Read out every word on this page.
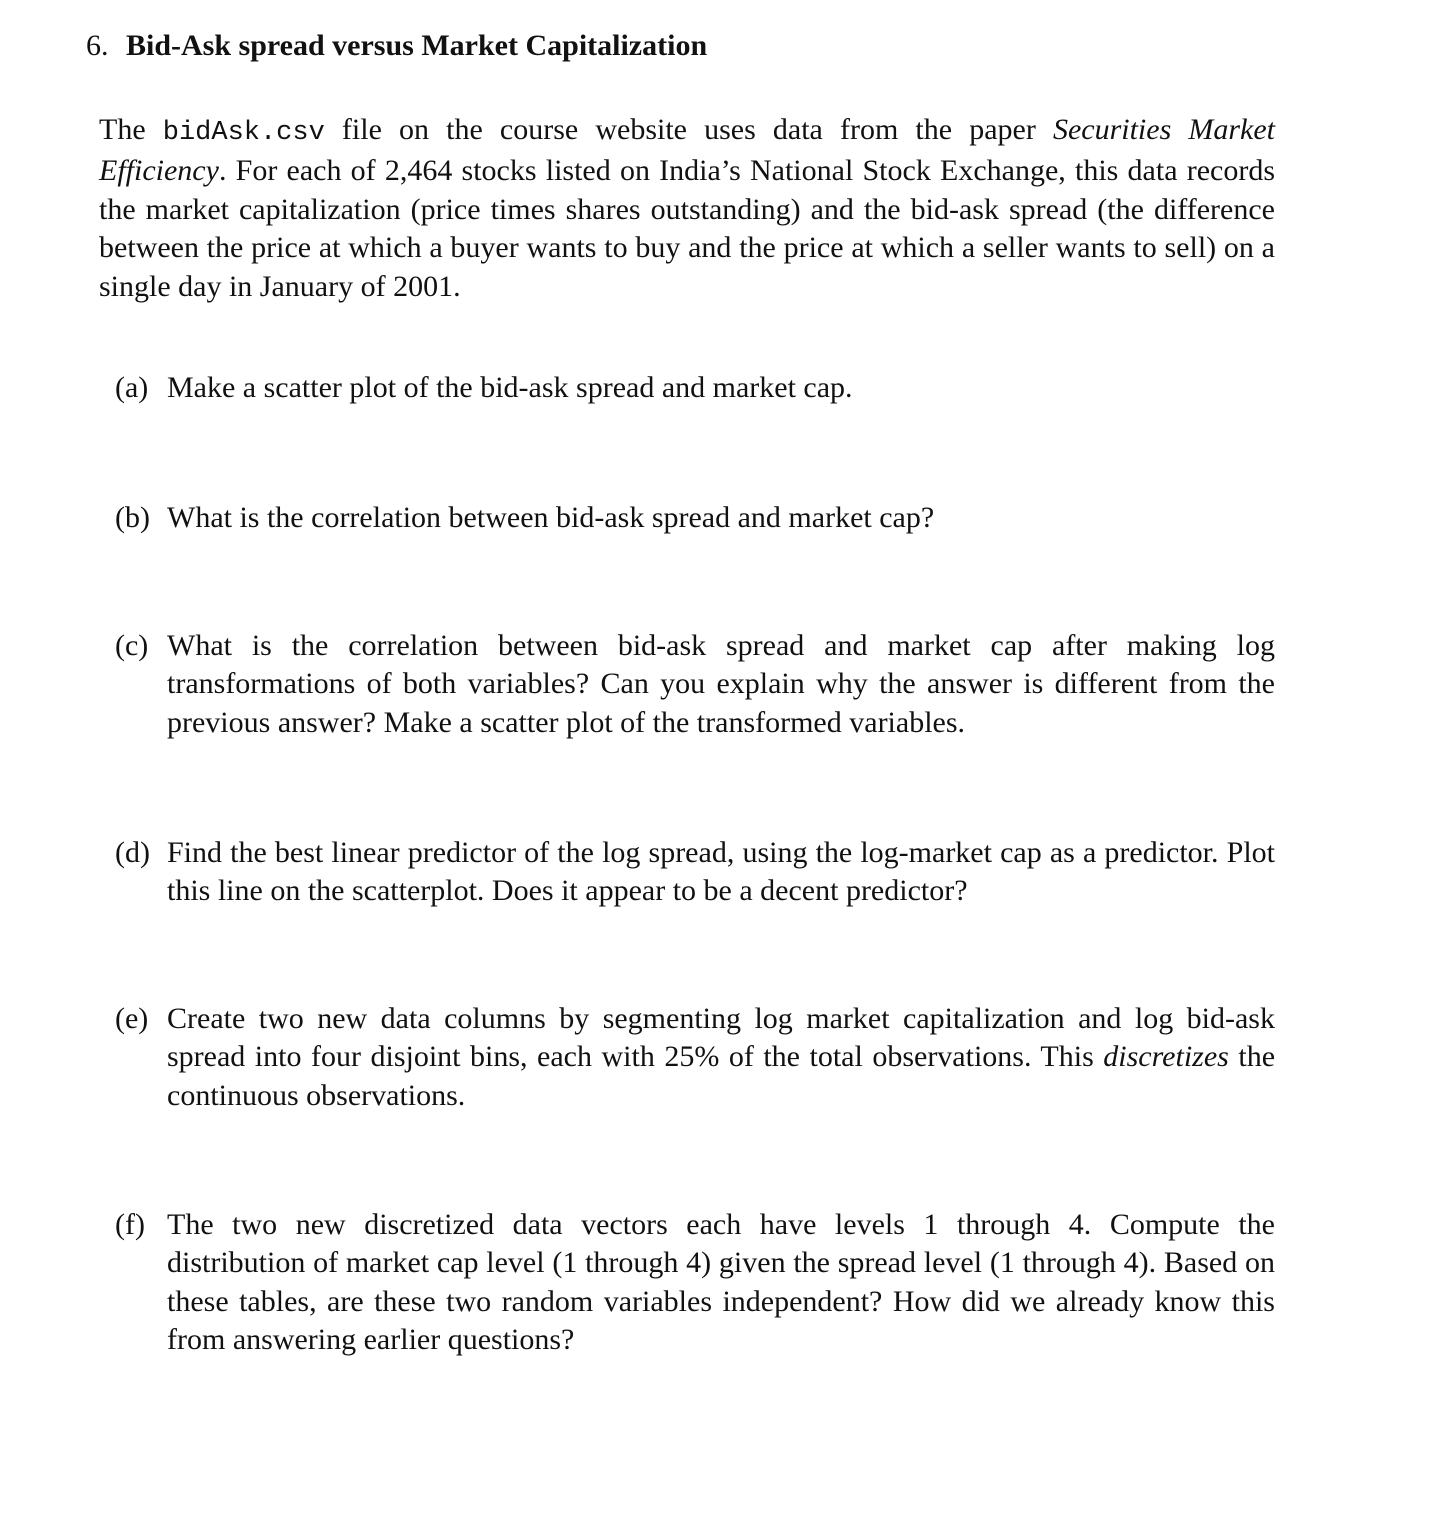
6. Bid-Ask spread versus Market Capitalization

The bidAsk.csv file on the course website uses data from the paper Securities Market Efficiency. For each of 2,464 stocks listed on India’s National Stock Exchange, this data records the market capitalization (price times shares outstanding) and the bid-ask spread (the difference between the price at which a buyer wants to buy and the price at which a seller wants to sell) on a single day in January of 2001.

(a) Make a scatter plot of the bid-ask spread and market cap.
(b) What is the correlation between bid-ask spread and market cap?
(c) What is the correlation between bid-ask spread and market cap after making log transformations of both variables? Can you explain why the answer is different from the previous answer? Make a scatter plot of the transformed variables.
(d) Find the best linear predictor of the log spread, using the log-market cap as a predictor. Plot this line on the scatterplot. Does it appear to be a decent predictor?
(e) Create two new data columns by segmenting log market capitalization and log bid-ask spread into four disjoint bins, each with 25% of the total observations. This discretizes the continuous observations.
(f) The two new discretized data vectors each have levels 1 through 4. Compute the distribution of market cap level (1 through 4) given the spread level (1 through 4). Based on these tables, are these two random variables independent? How did we already know this from answering earlier questions?
